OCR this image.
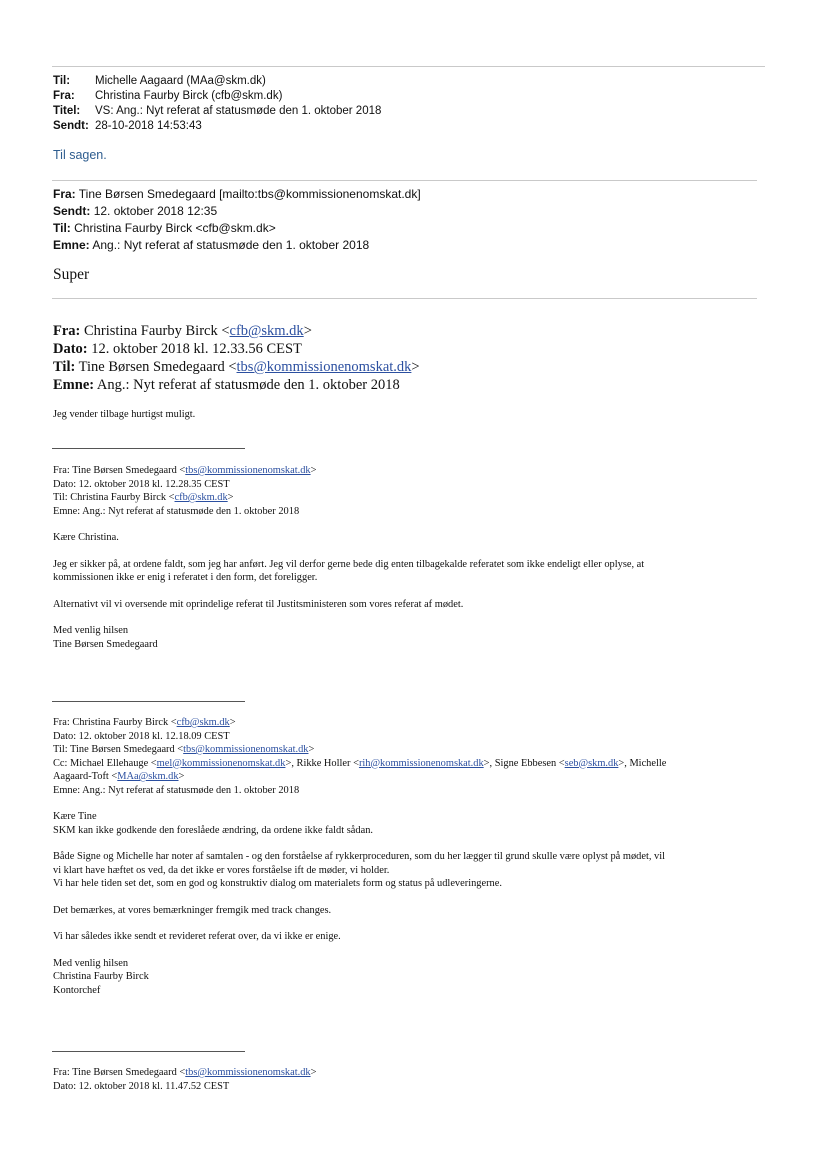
Til: Michelle Aagaard (MAa@skm.dk)
Fra: Christina Faurby Birck (cfb@skm.dk)
Titel: VS: Ang.: Nyt referat af statusmøde den 1. oktober 2018
Sendt: 28-10-2018 14:53:43
Til sagen.
Fra: Tine Børsen Smedegaard [mailto:tbs@kommissionenomskat.dk]
Sendt: 12. oktober 2018 12:35
Til: Christina Faurby Birck <cfb@skm.dk>
Emne: Ang.: Nyt referat af statusmøde den 1. oktober 2018
Super
Fra: Christina Faurby Birck <cfb@skm.dk>
Dato: 12. oktober 2018 kl. 12.33.56 CEST
Til: Tine Børsen Smedegaard <tbs@kommissionenomskat.dk>
Emne: Ang.: Nyt referat af statusmøde den 1. oktober 2018
Jeg vender tilbage hurtigst muligt.
Fra: Tine Børsen Smedegaard <tbs@kommissionenomskat.dk>
Dato: 12. oktober 2018 kl. 12.28.35 CEST
Til: Christina Faurby Birck <cfb@skm.dk>
Emne: Ang.: Nyt referat af statusmøde den 1. oktober 2018
Kære Christina.
Jeg er sikker på, at ordene faldt, som jeg har anført. Jeg vil derfor gerne bede dig enten tilbagekalde referatet som ikke endeligt eller oplyse, at
kommissionen ikke er enig i referatet i den form, det foreligger.
Alternativt vil vi oversende mit oprindelige referat til Justitsministeren som vores referat af mødet.
Med venlig hilsen
Tine Børsen Smedegaard
Fra: Christina Faurby Birck <cfb@skm.dk>
Dato: 12. oktober 2018 kl. 12.18.09 CEST
Til: Tine Børsen Smedegaard <tbs@kommissionenomskat.dk>
Cc: Michael Ellehauge <mel@kommissionenomskat.dk>, Rikke Holler <rih@kommissionenomskat.dk>, Signe Ebbesen <seb@skm.dk>, Michelle
Aagaard-Toft <MAa@skm.dk>
Emne: Ang.: Nyt referat af statusmøde den 1. oktober 2018
Kære Tine
SKM kan ikke godkende den foreslåede ændring, da ordene ikke faldt sådan.
Både Signe og Michelle har noter af samtalen - og den forståelse af rykkerproceduren, som du her lægger til grund skulle være oplyst på mødet, vil
vi klart have hæftet os ved, da det ikke er vores forståelse ift de møder, vi holder.
Vi har hele tiden set det, som en god og konstruktiv dialog om materialets form og status på udleveringerne.
Det bemærkes, at vores bemærkninger fremgik med track changes.
Vi har således ikke sendt et revideret referat over, da vi ikke er enige.
Med venlig hilsen
Christina Faurby Birck
Kontorchef
Fra: Tine Børsen Smedegaard <tbs@kommissionenomskat.dk>
Dato: 12. oktober 2018 kl. 11.47.52 CEST
